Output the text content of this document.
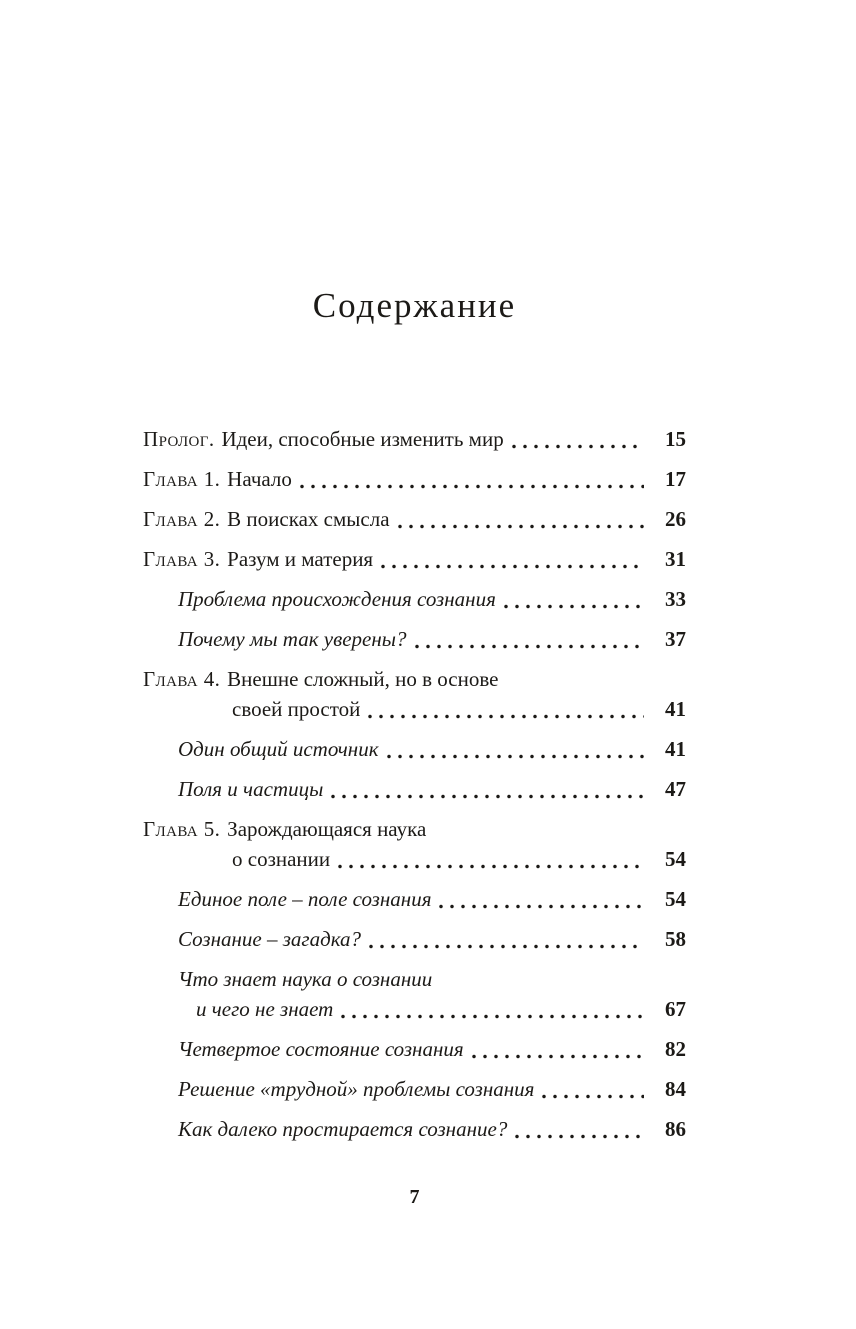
Содержание
Пролог. Идеи, способные изменить мир	15
Глава 1. Начало	17
Глава 2. В поисках смысла	26
Глава 3. Разум и материя	31
Проблема происхождения сознания	33
Почему мы так уверены?	37
Глава 4. Внешне сложный, но в основе
своей простой	41
Один общий источник	41
Поля и частицы	47
Глава 5. Зарождающаяся наука
о сознании	54
Единое поле – поле сознания	54
Сознание – загадка?	58
Что знает наука о сознании
и чего не знает	67
Четвертое состояние сознания	82
Решение «трудной» проблемы сознания	84
Как далеко простирается сознание?	86
7
